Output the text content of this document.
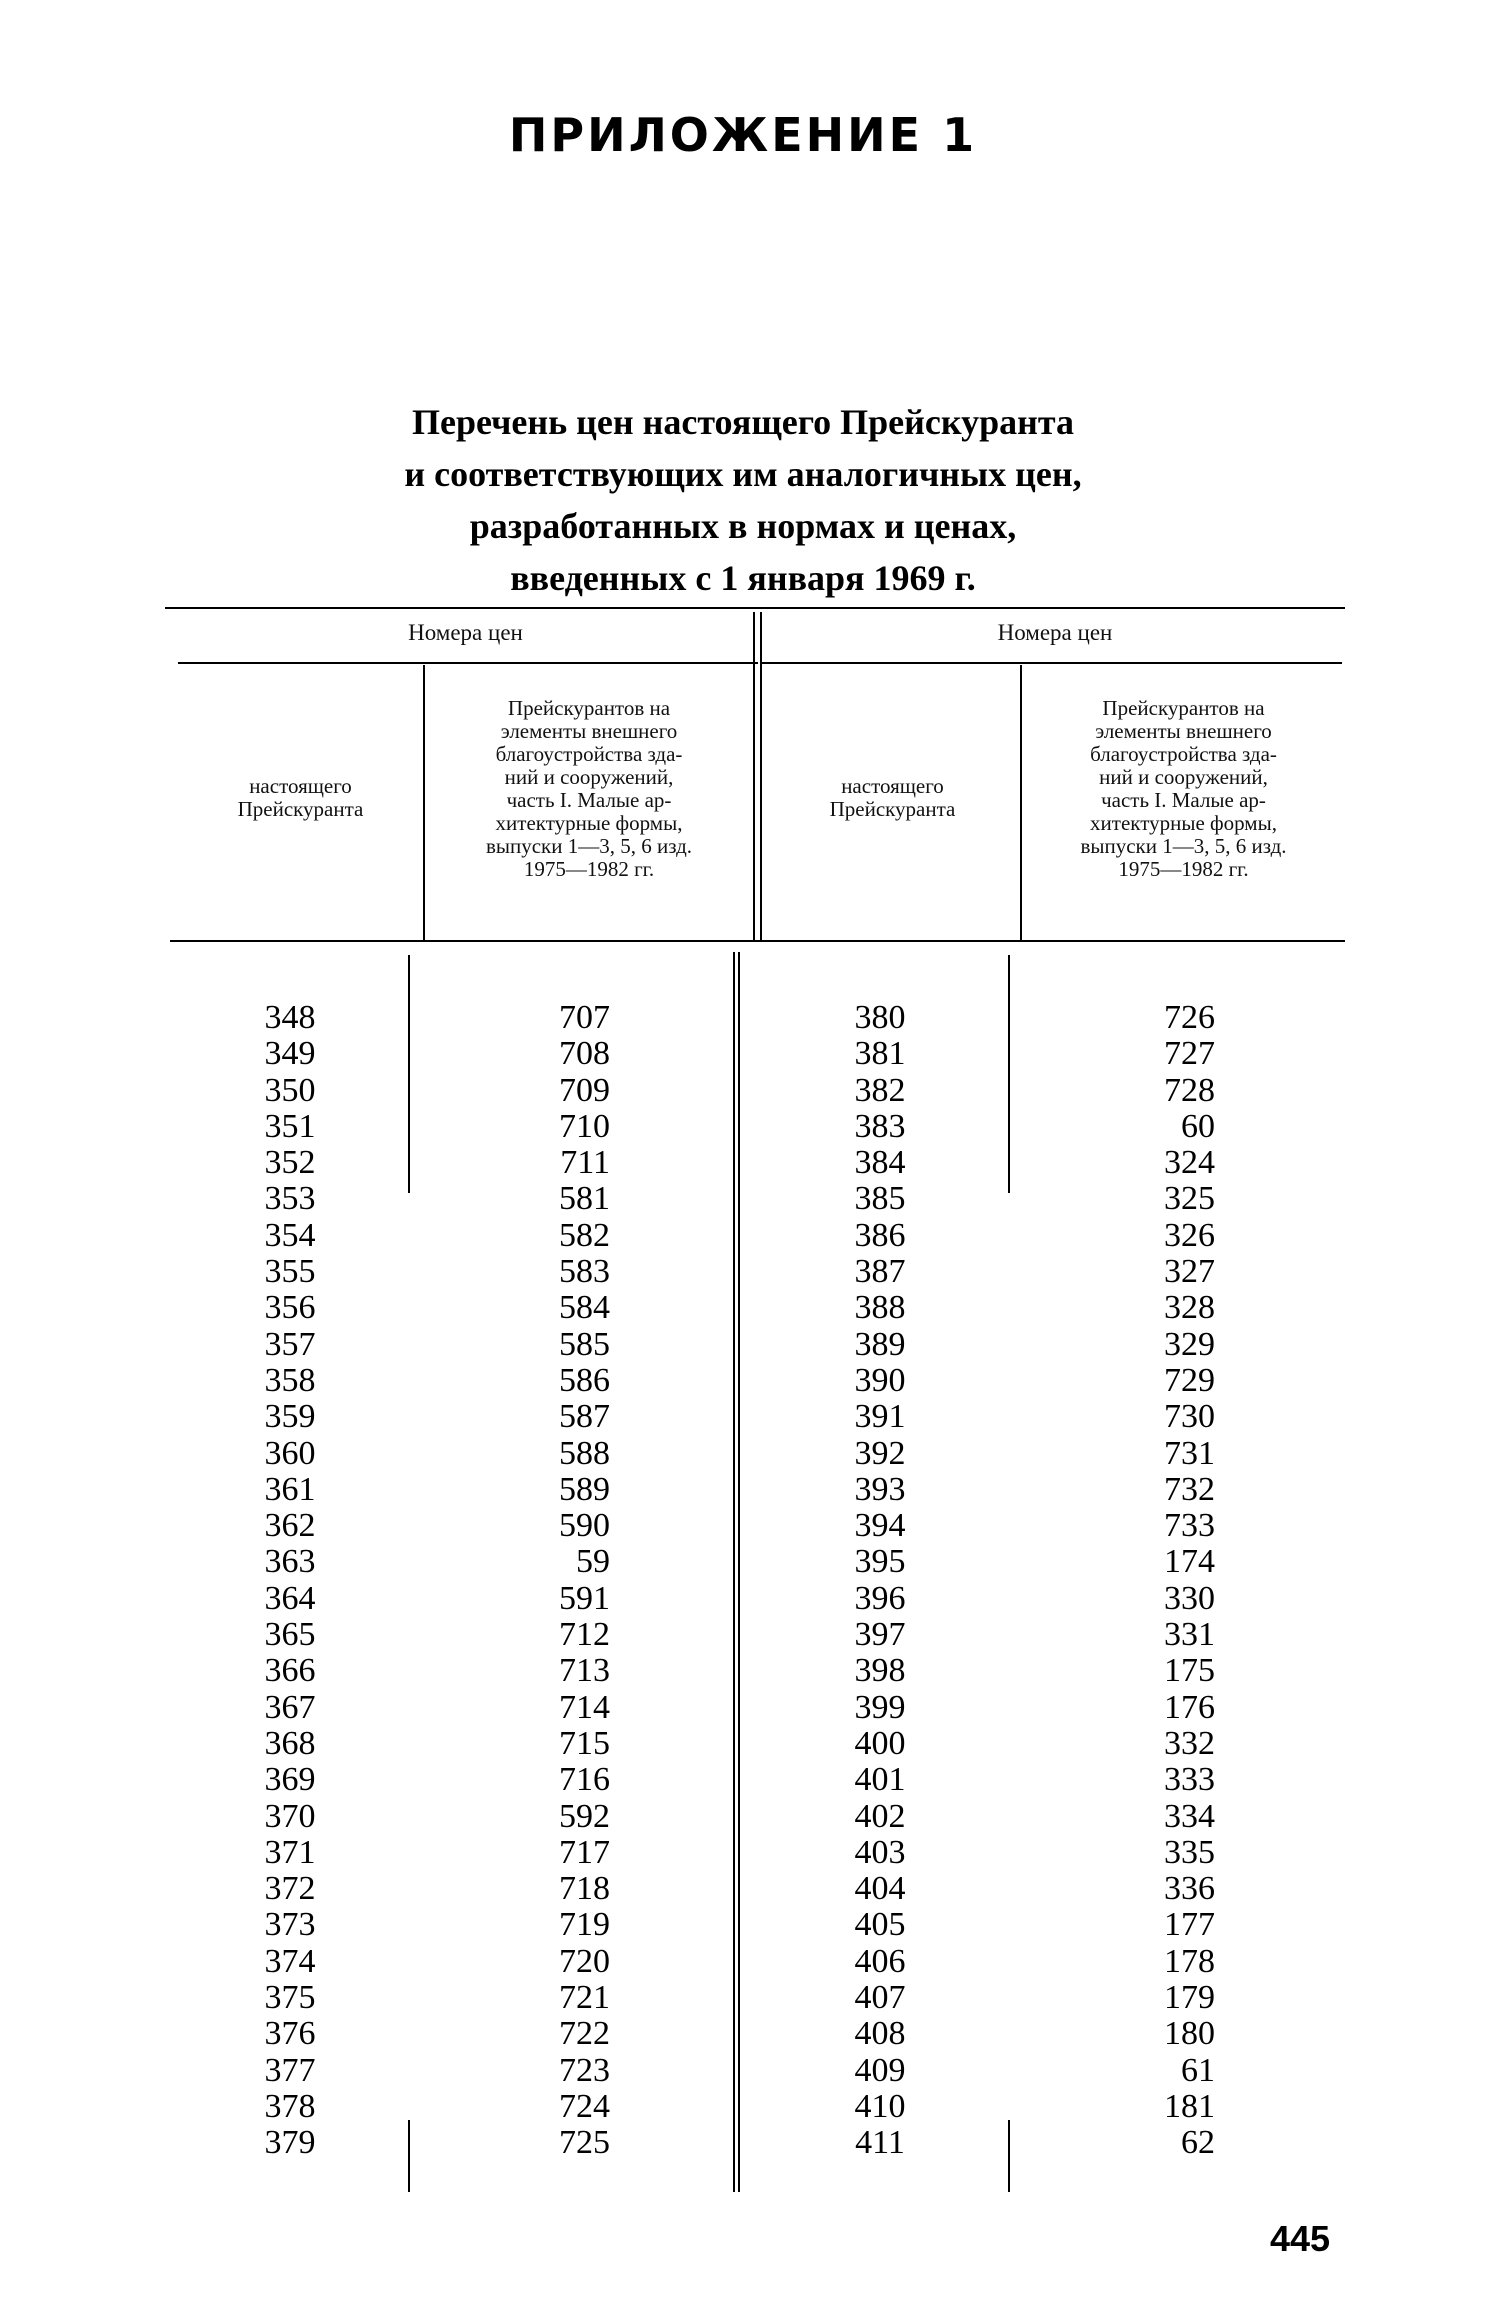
ПРИЛОЖЕНИЕ 1
Перечень цен настоящего Прейскуранта
и соответствующих им аналогичных цен,
разработанных в нормах и ценах,
введенных с 1 января 1969 г.
Номера цен	Номера цен
настоящего
Прейскуранта
Прейскурантов на
элементы внешнего
благоустройства зда-
ний и сооружений,
часть I. Малые ар-
хитектурные формы,
выпуски 1—3, 5, 6 изд.
1975—1982 гг.
настоящего
Прейскуранта
Прейскурантов на
элементы внешнего
благоустройства зда-
ний и сооружений,
часть I. Малые ар-
хитектурные формы,
выпуски 1—3, 5, 6 изд.
1975—1982 гг.
348
349
350
351
352
353
354
355
356
357
358
359
360
361
362
363
364
365
366
367
368
369
370
371
372
373
374
375
376
377
378
379
707
708
709
710
711
581
582
583
584
585
586
587
588
589
590
59
591
712
713
714
715
716
592
717
718
719
720
721
722
723
724
725
380
381
382
383
384
385
386
387
388
389
390
391
392
393
394
395
396
397
398
399
400
401
402
403
404
405
406
407
408
409
410
411
726
727
728
60
324
325
326
327
328
329
729
730
731
732
733
174
330
331
175
176
332
333
334
335
336
177
178
179
180
61
181
62
445
